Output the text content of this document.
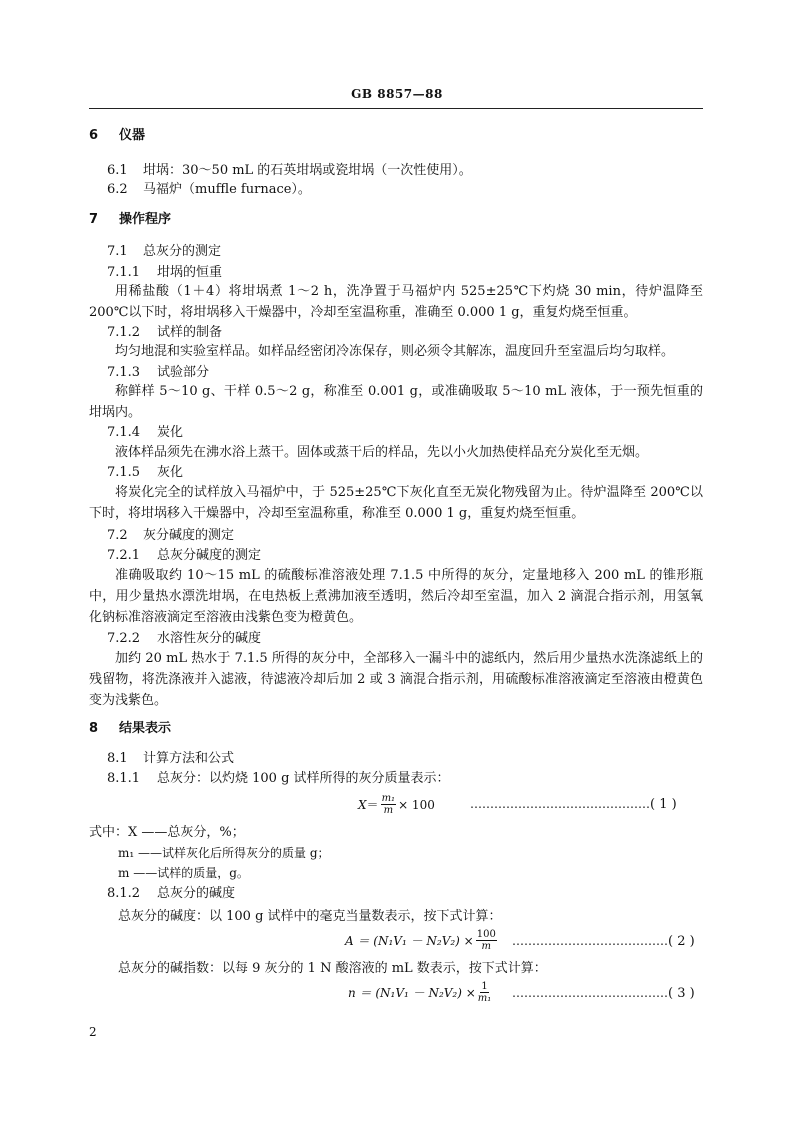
GB 8857—88
6 仪器
6.1 坩埚：30～50 mL 的石英坩埚或瓷坩埚（一次性使用）。
6.2 马福炉（muffle furnace）。
7 操作程序
7.1 总灰分的测定
7.1.1 坩埚的恒重

用稀盐酸（1＋4）将坩埚煮 1～2 h，洗净置于马福炉内 525±25℃下灼烧 30 min，待炉温降至 200℃以下时，将坩埚移入干燥器中，冷却至室温称重，准确至 0.000 1 g，重复灼烧至恒重。

7.1.2 试样的制备

均匀地混和实验室样品。如样品经密闭冷冻保存，则必须令其解冻，温度回升至室温后均匀取样。

7.1.3 试验部分

称鲜样 5～10 g、干样 0.5～2 g，称准至 0.001 g，或准确吸取 5～10 mL 液体，于一预先恒重的坩埚内。

7.1.4 炭化

液体样品须先在沸水浴上蒸干。固体或蒸干后的样品，先以小火加热使样品充分炭化至无烟。

7.1.5 灰化

将炭化完全的试样放入马福炉中，于 525±25℃下灰化直至无炭化物残留为止。待炉温降至 200℃以下时，将坩埚移入干燥器中，冷却至室温称重，称准至 0.000 1 g，重复灼烧至恒重。

7.2 灰分碱度的测定
7.2.1 总灰分碱度的测定

准确吸取约 10～15 mL 的硫酸标准溶液处理 7.1.5 中所得的灰分，定量地移入 200 mL 的锥形瓶中，用少量热水漂洗坩埚，在电热板上煮沸加液至透明，然后冷却至室温，加入 2 滴混合指示剂，用氢氧化钠标准溶液滴定至溶液由浅紫色变为橙黄色。

7.2.2 水溶性灰分的碱度

加约 20 mL 热水于 7.1.5 所得的灰分中，全部移入一漏斗中的滤纸内，然后用少量热水洗涤滤纸上的残留物，将洗涤液并入滤液，待滤液冷却后加 2 或 3 滴混合指示剂，用硫酸标准溶液滴定至溶液由橙黄色变为浅紫色。

8 结果表示
8.1 计算方法和公式
8.1.1 总灰分：以灼烧 100 g 试样所得的灰分质量表示：
$X = \frac{\text{m₁}}{m} \times 100$	………………………………………( 1 )
式中：X ——总灰分，%；
m₁ ——试样灰化后所得灰分的质量 g；
m ——试样的质量，g。
8.1.2 总灰分的碱度
总灰分的碱度：以 100 g 试样中的毫克当量数表示，按下式计算：
$A = (N_1V_1 - N_2V_2) \times \frac{100}{m}$ …………………………………( 2 )
总灰分的碱指数：以每 9 灰分的 1 N 酸溶液的 mL 数表示，按下式计算：
$n = (N_1V_1 - N_2V_2) \times \frac{1}{\text{m₁}}$ …………………………………( 3 )
2
